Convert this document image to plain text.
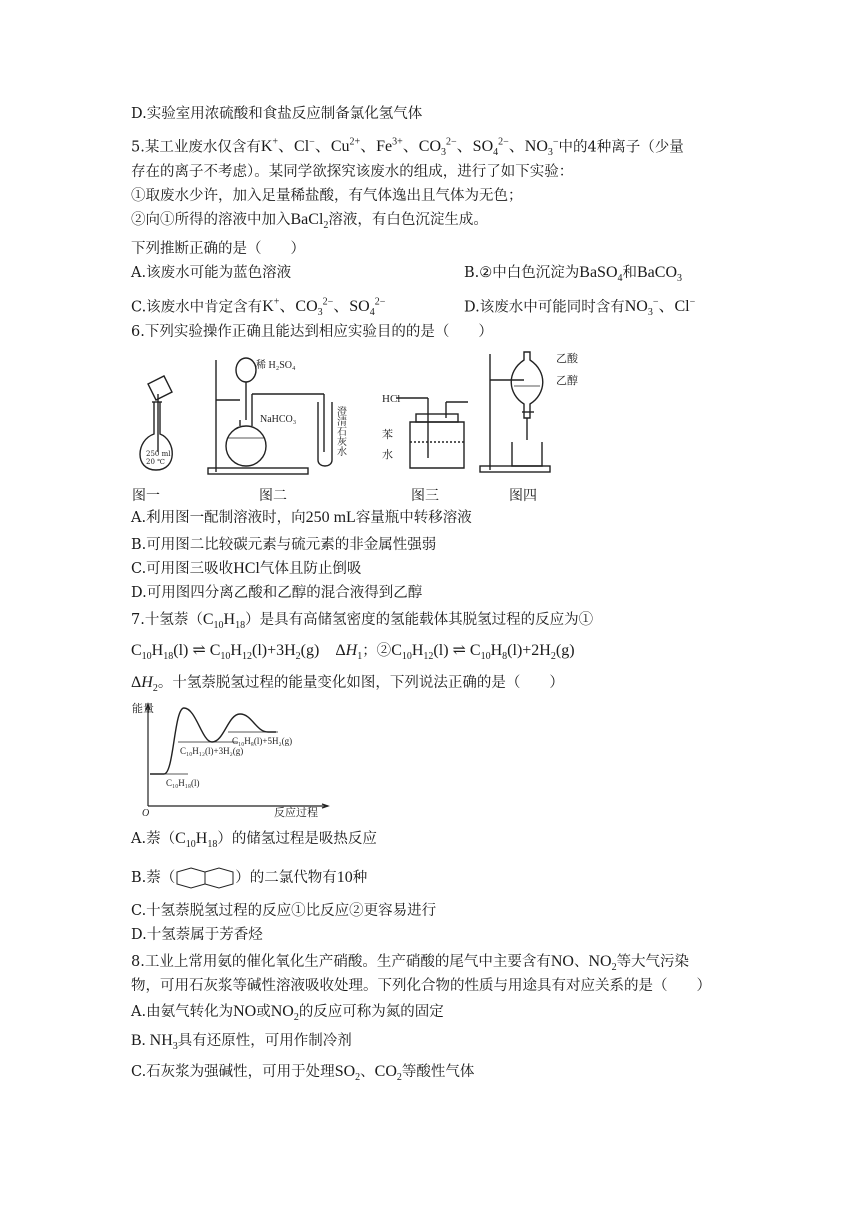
D.实验室用浓硫酸和食盐反应制备氯化氢气体
5.某工业废水仅含有K+、Cl−、$Cu^{2+}$、$Fe^{3+}$、$CO_3^{2-}$、$SO_4^{2-}$、$NO_3^-$中的4种离子（少量
存在的离子不考虑）。某同学欲探究该废水的组成，进行了如下实验：
①取废水少许，加入足量稀盐酸，有气体逸出且气体为无色；
②向①所得的溶液中加入BaCl$_2$溶液，有白色沉淀生成。
下列推断正确的是（　　）
A.该废水可能为蓝色溶液	B.②中白色沉淀为BaSO$_4$和BaCO$_3$
C.该废水中肯定含有K+、$CO_3^{2-}$、$SO_4^{2-}$	D.该废水中可能同时含有$NO_3^-$、Cl−
6.下列实验操作正确且能达到相应实验目的的是（　　）
250 ml
20 ℃
稀 H₂SO₄
NaHCO₃
HCl
苯
水
乙酸
乙醇
澄清石灰水
图一	图二	图三	图四
A.利用图一配制溶液时，向250 mL容量瓶中转移溶液
B.可用图二比较碳元素与硫元素的非金属性强弱
C.可用图三吸收HCl气体且防止倒吸
D.可用图四分离乙酸和乙醇的混合液得到乙醇
7.十氢萘$(C_{10}H_{18})$是具有高储氢密度的氢能载体其脱氢过程的反应为①
$C_{10}H_{18}(l)$ ⇌ $C_{10}H_{12}(l)+3H_2(g)$    $\Delta H_1$；$②C_{10}H_{12}(l)$ ⇌ $C_{10}H_8(l)+2H_2(g)$
$\Delta H_2$。十氢萘脱氢过程的能量变化如图，下列说法正确的是（　　）
能量
O	反应过程
C₁₀H₁₈(l)
C₁₀H₁₂(l)+3H₂(g)
C₁₀H₈(l)+5H₂(g)
A.萘$(C_{10}H_{18})$的储氢过程是吸热反应
B.萘（	）的二氯代物有10种
C.十氢萘脱氢过程的反应①比反应②更容易进行
D.十氢萘属于芳香烃
8.工业上常用氨的催化氧化生产硝酸。生产硝酸的尾气中主要含有NO、$NO_2$等大气污染
物，可用石灰浆等碱性溶液吸收处理。下列化合物的性质与用途具有对应关系的是（　　）
A.由氨气转化为NO或$NO_2$的反应可称为氮的固定
B. $NH_3$具有还原性，可用作制冷剂
C.石灰浆为强碱性，可用于处理$SO_2$、$CO_2$等酸性气体
